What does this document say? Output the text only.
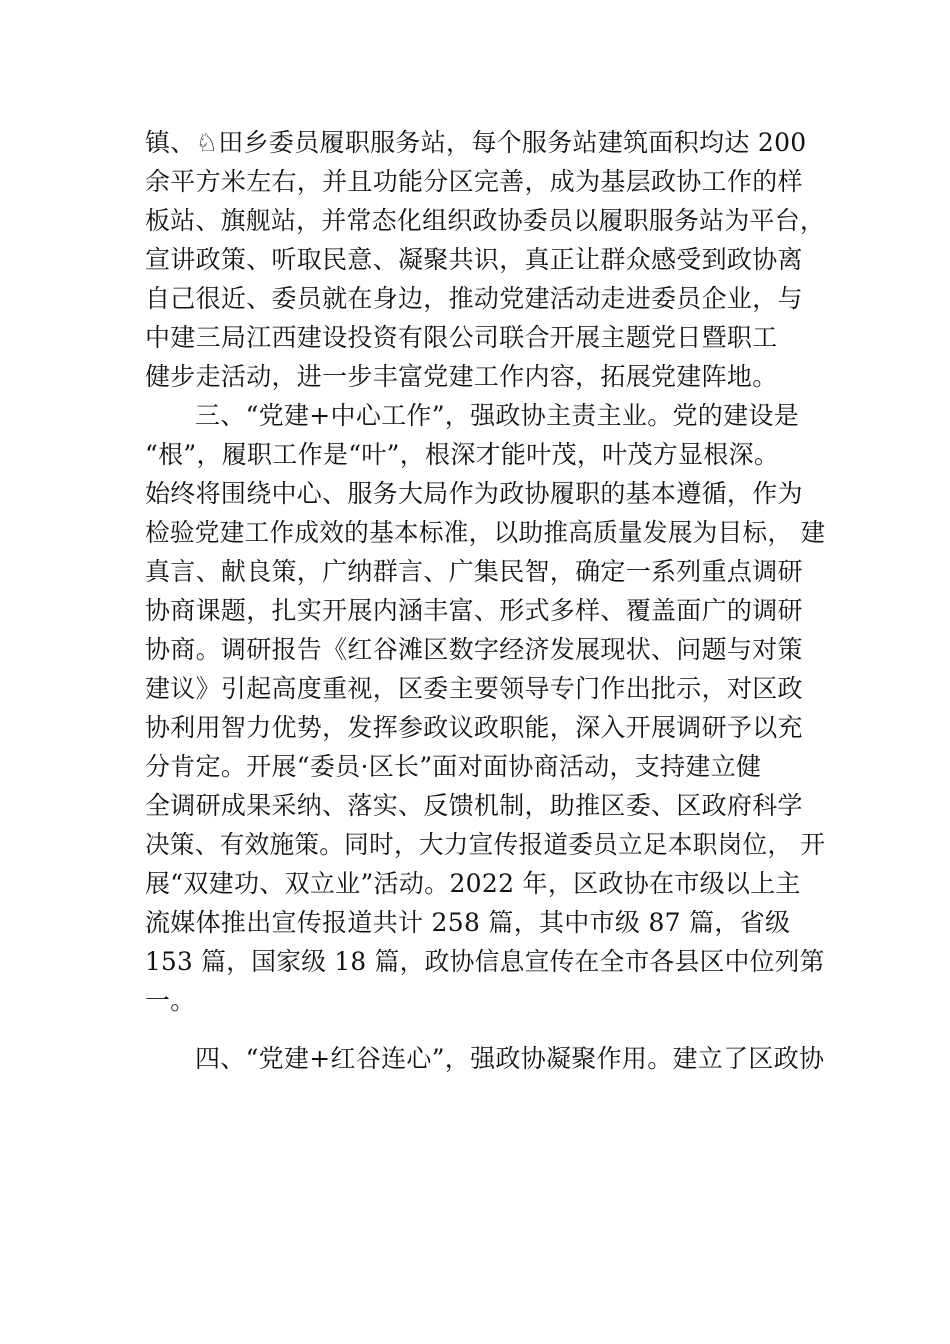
镇、♘田乡委员履职服务站，每个服务站建筑面积均达 200
余平方米左右，并且功能分区完善，成为基层政协工作的样
板站、旗舰站，并常态化组织政协委员以履职服务站为平台，
宣讲政策、听取民意、凝聚共识，真正让群众感受到政协离
自己很近、委员就在身边，推动党建活动走进委员企业，与
中建三局江西建设投资有限公司联合开展主题党日暨职工
健步走活动，进一步丰富党建工作内容，拓展党建阵地。
三、“党建+中心工作”，强政协主责主业。党的建设是
“根”，履职工作是“叶”，根深才能叶茂，叶茂方显根深。
始终将围绕中心、服务大局作为政协履职的基本遵循，作为
检验党建工作成效的基本标准，以助推高质量发展为目标， 建
真言、献良策，广纳群言、广集民智，确定一系列重点调研
协商课题，扎实开展内涵丰富、形式多样、覆盖面广的调研
协商。调研报告《红谷滩区数字经济发展现状、问题与对策
建议》引起高度重视，区委主要领导专门作出批示，对区政
协利用智力优势，发挥参政议政职能，深入开展调研予以充
分肯定。开展“委员·区长”面对面协商活动，支持建立健
全调研成果采纳、落实、反馈机制，助推区委、区政府科学
决策、有效施策。同时，大力宣传报道委员立足本职岗位， 开
展“双建功、双立业”活动。2022 年，区政协在市级以上主
流媒体推出宣传报道共计 258 篇，其中市级 87 篇，省级
153 篇，国家级 18 篇，政协信息宣传在全市各县区中位列第
一。
四、“党建+红谷连心”，强政协凝聚作用。建立了区政协
